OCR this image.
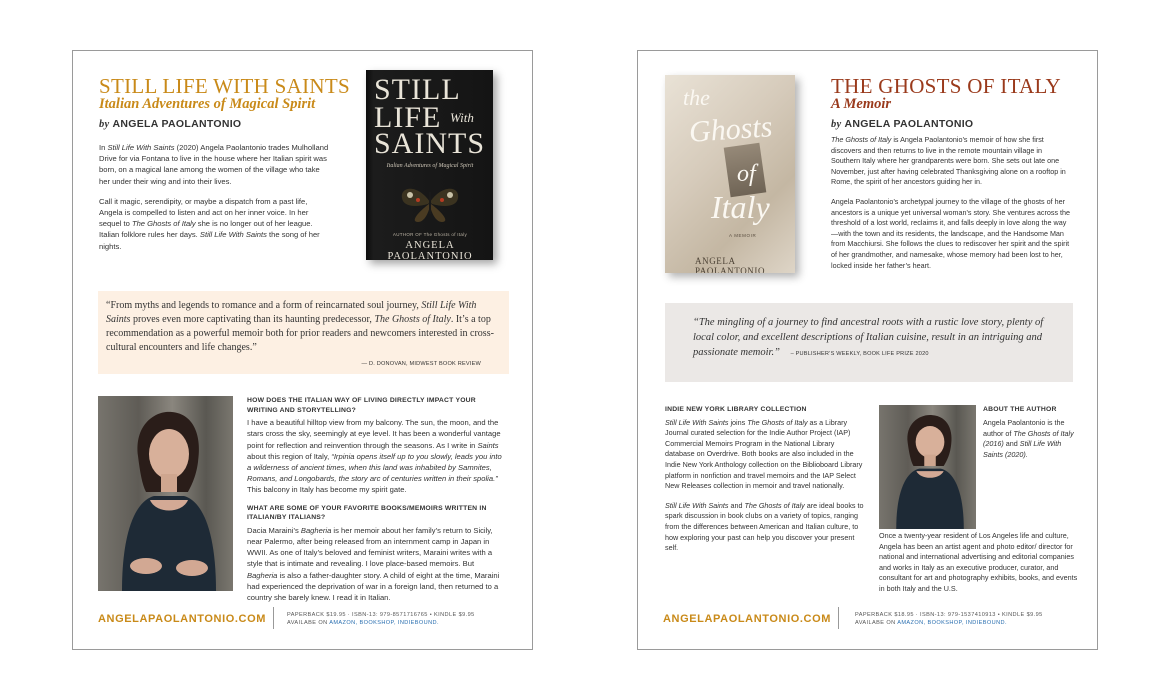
STILL LIFE WITH SAINTS
Italian Adventures of Magical Spirit
by ANGELA PAOLANTONIO

In Still Life With Saints (2020) Angela Paolantonio trades Mulholland Drive for via Fontana to live in the house where her Italian spirit was born, on a magical lane among the women of the village who take her under their wing and into their lives.

Call it magic, serendipity, or maybe a dispatch from a past life, Angela is compelled to listen and act on her inner voice. In her sequel to The Ghosts of Italy she is no longer out of her league. Italian folklore rules her days. Still Life With Saints the song of her nights.

STILL
LIFE With
SAINTS
Italian Adventures of Magical Spirit
AUTHOR OF The Ghosts of Italy
ANGELA PAOLANTONIO
“From myths and legends to romance and a form of reincarnated soul journey, Still Life With Saints proves even more captivating than its haunting predecessor, The Ghosts of Italy. It’s a top recommendation as a powerful memoir both for prior readers and newcomers interested in cross-cultural encounters and life changes.”
— D. DONOVAN, MIDWEST BOOK REVIEW
HOW DOES THE ITALIAN WAY OF LIVING DIRECTLY IMPACT YOUR WRITING AND STORYTELLING?
I have a beautiful hilltop view from my balcony. The sun, the moon, and the stars cross the sky, seemingly at eye level. It has been a wonderful vantage point for reflection and reinvention through the seasons. As I write in Saints about this region of Italy, “Irpinia opens itself up to you slowly, leads you into a wilderness of ancient times, when this land was inhabited by Samnites, Romans, and Longobards, the story arc of centuries written in their spolia.” This balcony in Italy has become my spirit gate.
WHAT ARE SOME OF YOUR FAVORITE BOOKS/MEMOIRS WRITTEN IN ITALIAN/BY ITALIANS?
Dacia Maraini’s Bagheria is her memoir about her family’s return to Sicily, near Palermo, after being released from an internment camp in Japan in WWII. As one of Italy’s beloved and feminist writers, Maraini writes with a style that is intimate and revealing. I love place-based memoirs. But Bagheria is also a father-daughter story. A child of eight at the time, Maraini had experienced the deprivation of war in a foreign land, then returned to a country she barely knew. I read it in Italian.
ANGELAPAOLANTONIO.COM	PAPERBACK $19.95 · ISBN-13: 979-8571716765 • KINDLE $9.95
AVAILABE ON AMAZON, BOOKSHOP, INDIEBOUND.
the
Ghosts
of
Italy
A MEMOIR
ANGELA PAOLANTONIO
THE GHOSTS OF ITALY
A Memoir
by ANGELA PAOLANTONIO

The Ghosts of Italy is Angela Paolantonio’s memoir of how she first discovers and then returns to live in the remote mountain village in Southern Italy where her grandparents were born. She sets out late one November, just after having celebrated Thanksgiving alone on a rooftop in Rome, the spirit of her ancestors guiding her in.

Angela Paolantonio’s archetypal journey to the village of the ghosts of her ancestors is a unique yet universal woman’s story. She ventures across the threshold of a lost world, reclaims it, and falls deeply in love along the way—with the town and its residents, the landscape, and the Handsome Man from Macchiursi. She follows the clues to rediscover her spirit and the spirit of her grandmother, and namesake, whose memory had been lost to her, locked inside her father’s heart.

“The mingling of a journey to find ancestral roots with a rustic love story, plenty of local color, and excellent descriptions of Italian cuisine, result in an intriguing and passionate memoir.” – PUBLISHER’S WEEKLY, BOOK LIFE PRIZE 2020
INDIE NEW YORK LIBRARY COLLECTION

Still Life With Saints joins The Ghosts of Italy as a Library Journal curated selection for the Indie Author Project (IAP) Commercial Memoirs Program in the National Library database on Overdrive. Both books are also included in the Indie New York Anthology collection on the Biblioboard Library platform in nonfiction and travel memoirs and the IAP Select New Releases collection in memoir and travel nationally.

Still Life With Saints and The Ghosts of Italy are ideal books to spark discussion in book clubs on a variety of topics, ranging from the differences between American and Italian culture, to how exploring your past can help you discover your present self.

ABOUT THE AUTHOR
Angela Paolantonio is the author of The Ghosts of Italy (2016) and Still Life With Saints (2020).
Once a twenty-year resident of Los Angeles life and culture, Angela has been an artist agent and photo editor/ director for national and international advertising and editorial companies and works in Italy as an executive producer, curator, and consultant for art and photography exhibits, books, and events in both Italy and the U.S.
ANGELAPAOLANTONIO.COM	PAPERBACK $18.95 · ISBN-13: 979-1537410913 • KINDLE $9.95
AVAILABE ON AMAZON, BOOKSHOP, INDIEBOUND.
